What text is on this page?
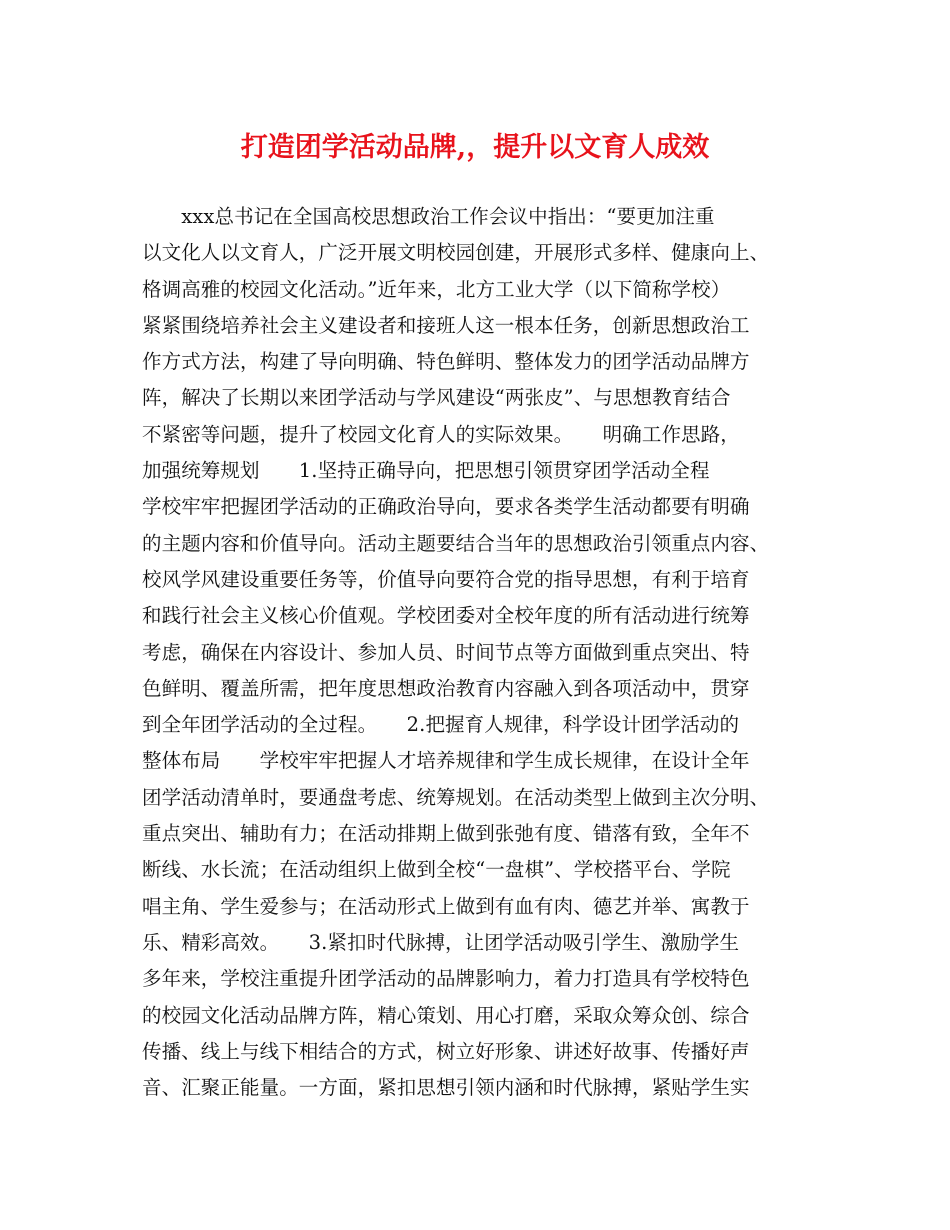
打造团学活动品牌,，提升以文育人成效
　　xxx总书记在全国高校思想政治工作会议中指出：“要更加注重
以文化人以文育人，广泛开展文明校园创建，开展形式多样、健康向上、
格调高雅的校园文化活动。”近年来，北方工业大学（以下简称学校）
紧紧围绕培养社会主义建设者和接班人这一根本任务，创新思想政治工
作方式方法，构建了导向明确、特色鲜明、整体发力的团学活动品牌方
阵，解决了长期以来团学活动与学风建设“两张皮”、与思想教育结合
不紧密等问题，提升了校园文化育人的实际效果。　　明确工作思路，
加强统筹规划　　1.坚持正确导向，把思想引领贯穿团学活动全程
学校牢牢把握团学活动的正确政治导向，要求各类学生活动都要有明确
的主题内容和价值导向。活动主题要结合当年的思想政治引领重点内容、
校风学风建设重要任务等，价值导向要符合党的指导思想，有利于培育
和践行社会主义核心价值观。学校团委对全校年度的所有活动进行统筹
考虑，确保在内容设计、参加人员、时间节点等方面做到重点突出、特
色鲜明、覆盖所需，把年度思想政治教育内容融入到各项活动中，贯穿
到全年团学活动的全过程。　　2.把握育人规律，科学设计团学活动的
整体布局　　学校牢牢把握人才培养规律和学生成长规律，在设计全年
团学活动清单时，要通盘考虑、统筹规划。在活动类型上做到主次分明、
重点突出、辅助有力；在活动排期上做到张弛有度、错落有致，全年不
断线、水长流；在活动组织上做到全校“一盘棋”、学校搭平台、学院
唱主角、学生爱参与；在活动形式上做到有血有肉、德艺并举、寓教于
乐、精彩高效。　　3.紧扣时代脉搏，让团学活动吸引学生、激励学生
多年来，学校注重提升团学活动的品牌影响力，着力打造具有学校特色
的校园文化活动品牌方阵，精心策划、用心打磨，采取众筹众创、综合
传播、线上与线下相结合的方式，树立好形象、讲述好故事、传播好声
音、汇聚正能量。一方面，紧扣思想引领内涵和时代脉搏，紧贴学生实
